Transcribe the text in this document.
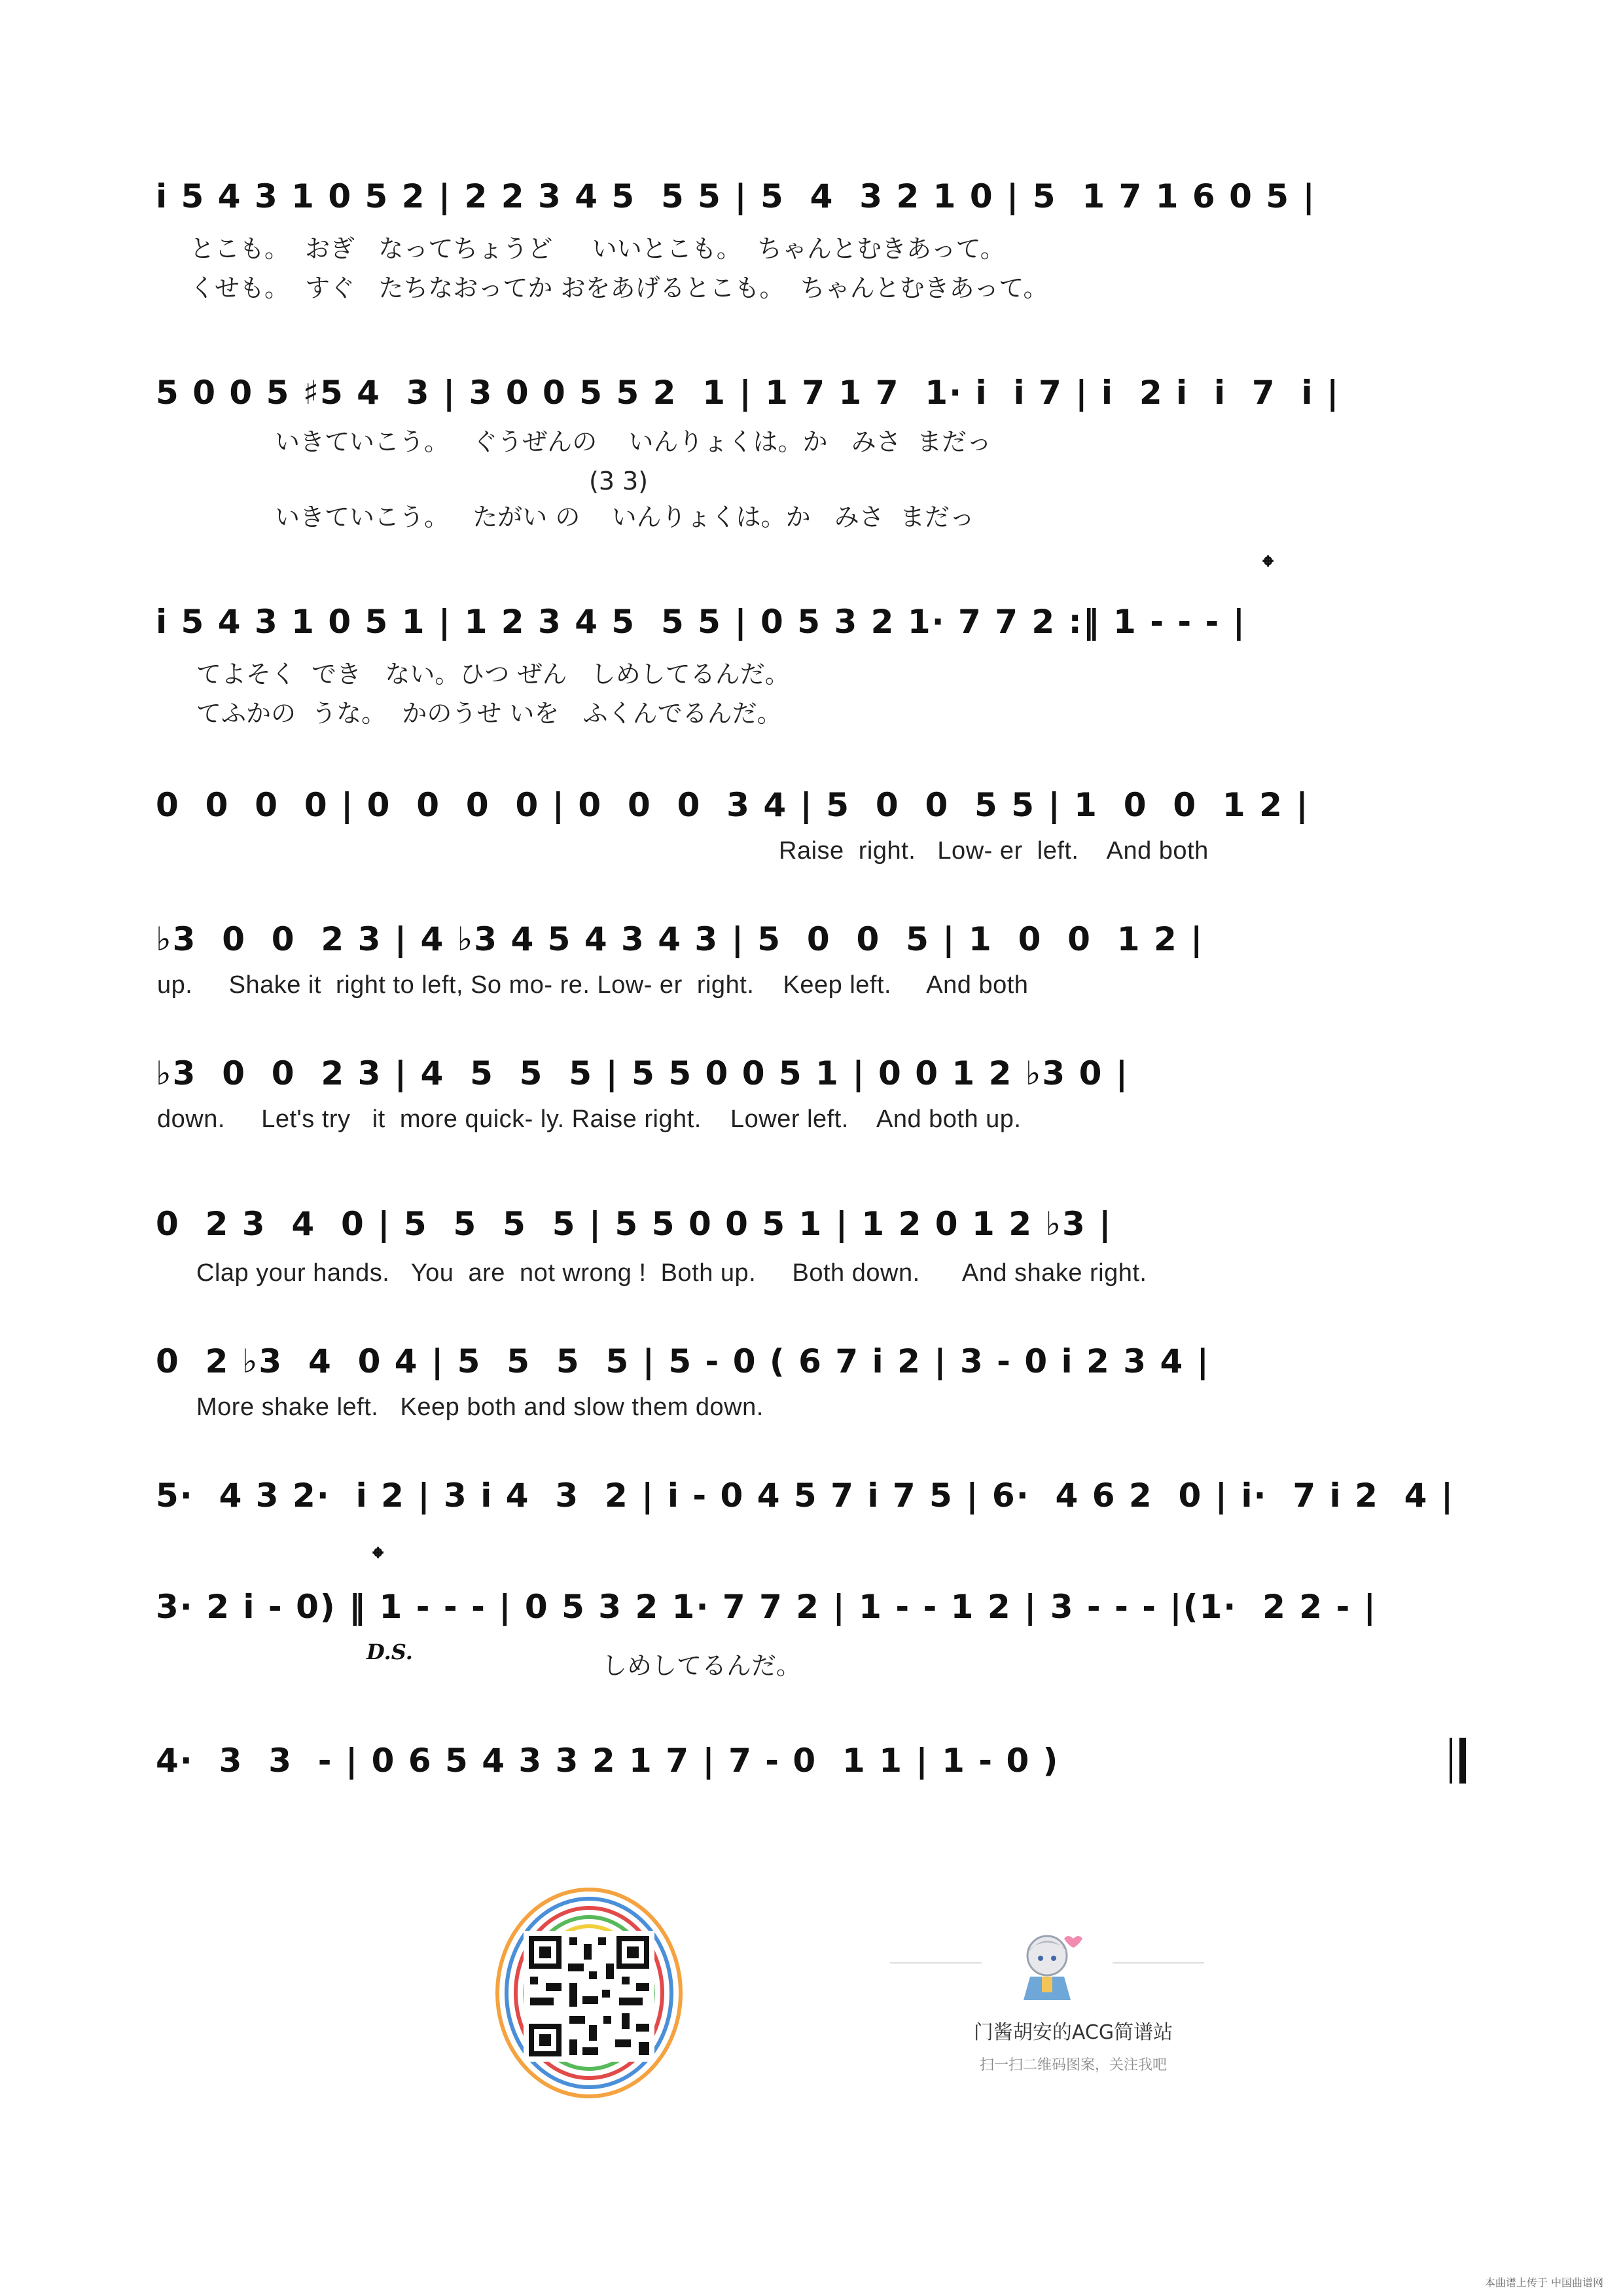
i̇ 5 4 3 1 0 5 2 | 2 2 3 4 5  5 5 | 5  4  3 2 1 0 | 5  1 7 1 6 0 5 |
とこも。  おぎ   なってちょうど     いいとこも。  ちゃんとむきあって。
くせも。  すぐ   たちなおってか おをあげるとこも。  ちゃんとむきあって。
5 0 0 5 ♯5 4  3 | 3 0 0 5 5 2  1 | 1 7 1 7  1· i̇  i̇ 7 | i̇  2 i̇  i̇  7  i̇ |
いきていこう。   ぐうぜんの    いんりょくは。か   みさ  まだっ
(3 3)
いきていこう。   たがい の    いんりょくは。か   みさ  まだっ
𝄌
i̇ 5 4 3 1 0 5 1 | 1 2 3 4 5  5 5 | 0 5 3 2 1· 7 7 2 :‖ 1 - - - |
てよそく  でき   ない。ひつ ぜん   しめしてるんだ。
てふかの  うな。  かのうせ いを   ふくんでるんだ。
0  0  0  0 | 0  0  0  0 | 0  0  0  3 4 | 5  0  0  5 5 | 1  0  0  1 2 |
Raise  right.   Low- er  left.    And both
♭3  0  0  2 3 | 4 ♭3 4 5 4 3 4 3 | 5  0  0  5 | 1  0  0  1 2 |
up.     Shake it  right to left, So mo- re. Low- er  right.    Keep left.     And both
♭3  0  0  2 3 | 4  5  5  5 | 5 5 0 0 5 1 | 0 0 1 2 ♭3 0 |
down.     Let's try   it  more quick- ly. Raise right.    Lower left.    And both up.
0  2 3  4  0 | 5  5  5  5 | 5 5 0 0 5 1 | 1 2 0 1 2 ♭3 |
Clap your hands.   You  are  not wrong !  Both up.     Both down.      And shake right.
0  2 ♭3  4  0 4 | 5  5  5  5 | 5 - 0 ( 6 7 i̇ 2 | 3 - 0 i̇ 2 3 4 |
More shake left.   Keep both and slow them down.
5·  4 3 2·  i̇ 2 | 3 i̇ 4  3  2 | i̇ - 0 4 5 7 i̇ 7 5 | 6·  4 6 2  0 | i̇·  7 i̇ 2  4 |
𝄌
3· 2 i̇ - 0) ‖ 1 - - - | 0 5 3 2 1· 7 7 2 | 1 - - 1 2 | 3 - - - |(1·  2 2 - |
D.S.	しめしてるんだ。
4·  3  3  - | 0 6 5 4 3 3 2 1 7 | 7 - 0  1 1 | 1 - 0 )
门酱胡安的ACG简谱站
扫一扫二维码图案，关注我吧
本曲谱上传于 中国曲谱网
